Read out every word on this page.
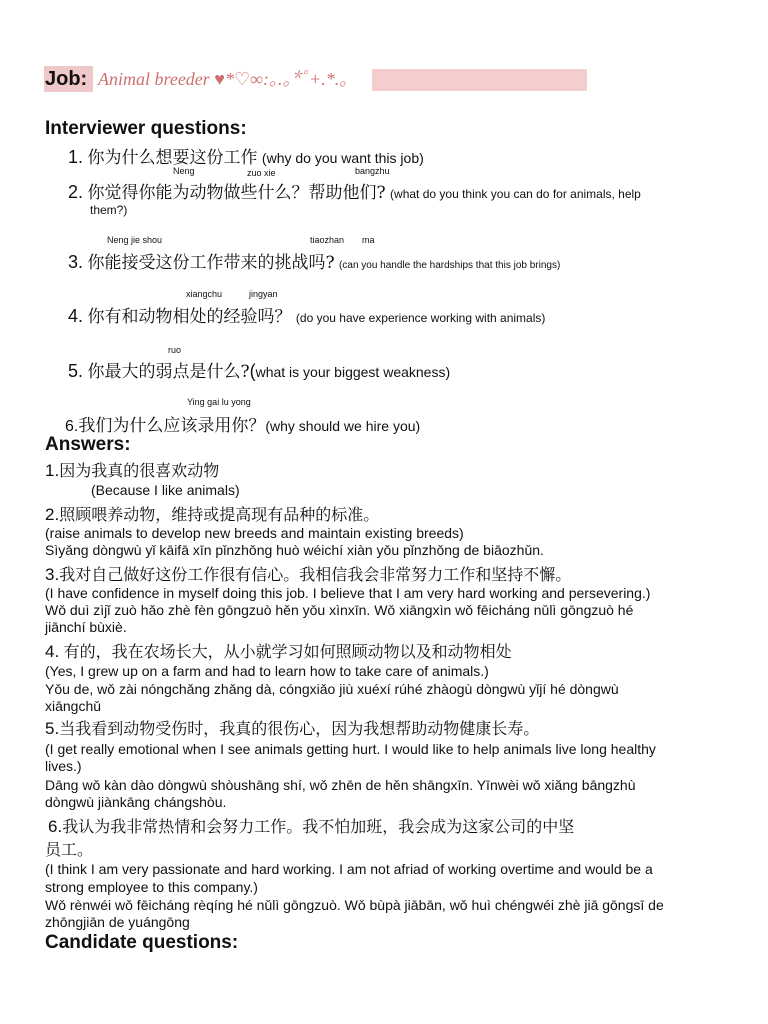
Job: Animal breeder ♥*♡∞:｡.｡*ﾟ+.*.｡
Interviewer questions:
1. 你为什么想要这份工作 (why do you want this job)
Neng	zuo xie	bangzhu
2. 你觉得你能为动物做些什么？帮助他们? (what do you think you can do for animals, help
them?)
Neng jie shou	tiaozhan ma
3. 你能接受这份工作带来的挑战吗? (can you handle the hardships that this job brings)
xiangchu	jingyan
4. 你有和动物相处的经验吗？ (do you have experience working with animals)
ruo
5. 你最大的弱点是什么?(what is your biggest weakness)
Ying gai lu yong
6.我们为什么应该录用你？(why should we hire you)
Answers:
1.因为我真的很喜欢动物
(Because I like animals)
2.照顾喂养动物，维持或提高现有品种的标准。
(raise animals to develop new breeds and maintain existing breeds)
Sìyǎng dòngwù yǐ kāifā xīn pǐnzhǒng huò wéichí xiàn yǒu pǐnzhǒng de biāozhǔn.
3.我对自己做好这份工作很有信心。我相信我会非常努力工作和坚持不懈。
(I have confidence in myself doing this job. I believe that I am very hard working and persevering.)
Wǒ duì zìjǐ zuò hǎo zhè fèn gōngzuò hěn yǒu xìnxīn. Wǒ xiāngxìn wǒ fēicháng nǔlì gōngzuò hé
jiānchí bùxiè.
4. 有的，我在农场长大，从小就学习如何照顾动物以及和动物相处
(Yes, I grew up on a farm and had to learn how to take care of animals.)
Yǒu de, wǒ zài nóngchǎng zhǎng dà, cóngxiǎo jiù xuéxí rúhé zhàogù dòngwù yǐjí hé dòngwù
xiāngchǔ
5.当我看到动物受伤时，我真的很伤心，因为我想帮助动物健康长寿。
(I get really emotional when I see animals getting hurt. I would like to help animals live long healthy
lives.)
Dāng wǒ kàn dào dòngwù shòushāng shí, wǒ zhēn de hěn shāngxīn. Yīnwèi wǒ xiǎng bāngzhù
dòngwù jiànkāng chángshòu.
6.我认为我非常热情和会努力工作。我不怕加班，我会成为这家公司的中坚
员工。
(I think I am very passionate and hard working. I am not afriad of working overtime and would be a
strong employee to this company.)
Wǒ rènwéi wǒ fēicháng rèqíng hé nǔlì gōngzuò. Wǒ bùpà jiābān, wǒ huì chéngwéi zhè jiā gōngsī de
zhōngjiān de yuángōng
Candidate questions:
